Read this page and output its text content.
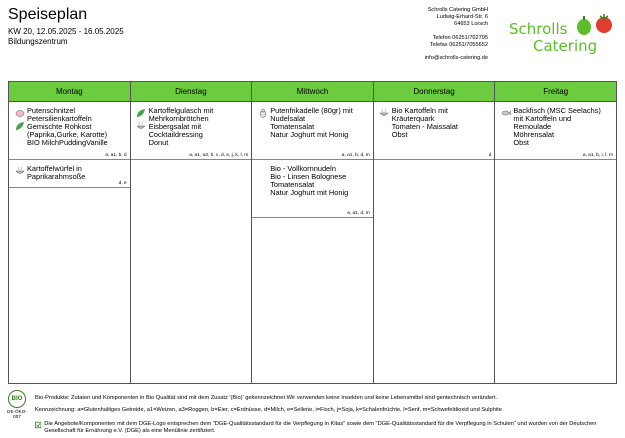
Speiseplan
KW 20, 12.05.2025 - 16.05.2025
Bildungszentrum
Schrolls Catering GmbH
Ludwig-Erhard-Str. 6
64653 Lorsch
Telefon 06251/702795
Telefax 06251/7055652
info@schrolls-catering.de
Schrolls
Catering
Montag
Putenschnitzel
Petersilienkartoffeln
Gemischte Rohkost
(Paprika,Gurke, Karotte)
BIO MilchPuddingVanille
a, a1, b, d
Kartoffelwürfel in
Paprikarahmsoße
d, e
Dienstag
Kartoffelgulasch mit
Mehrkornbrötchen
Eisbergsalat mit
Cocktaildressing
Donut
a, a1, a3, b, c, d, e, j, k, l, m
Mittwoch
Putenfrikadelle (80gr) mit
Nudelsalat
Tomatensalat
Natur Joghurt mit Honig
a, a1, b, d, m
Bio - Vollkornnudeln
Bio - Linsen Bolognese
Tomatensalat
Natur Joghurt mit Honig
a, a1, d, m
Donnerstag
Bio Kartoffeln mit
Kräuterquark
Tomaten - Maissalat
Obst
d
Freitag
Backfisch (MSC Seelachs)
mit Kartoffeln und
Remoulade
Möhrensalat
Obst
a, a1, b, i, l, m
BIO
DE-ÖKO-007
Bio-Produkte: Zutaten und Komponenten in Bio Qualität sind mit dem Zusatz '(Bio)' gekennzeichnet Wir verwenden keine Insekten und keine Lebensmittel sind gentechnisch verändert.
Kennzeichnung: a=Glutenhaltiges Getreide, a1=Weizen, a3=Roggen, b=Eier, c=Erdnüsse, d=Milch, e=Sellerie, i=Fisch, j=Soja, k=Schalenfrüchte, l=Senf, m=Schwefeldioxid und Sulphite
Die Angebote/Komponenten mit dem DGE-Logo entsprechen dem "DGE-Qualitätsstandard für die Verpflegung in Kitas" sowie dem "DGE-Qualitätsstandard für die Verpflegung in Schulen" und wurden von der Deutschen Gesellschaft für Ernährung e.V. (DGE) als eine Menülinie zertifiziert.
